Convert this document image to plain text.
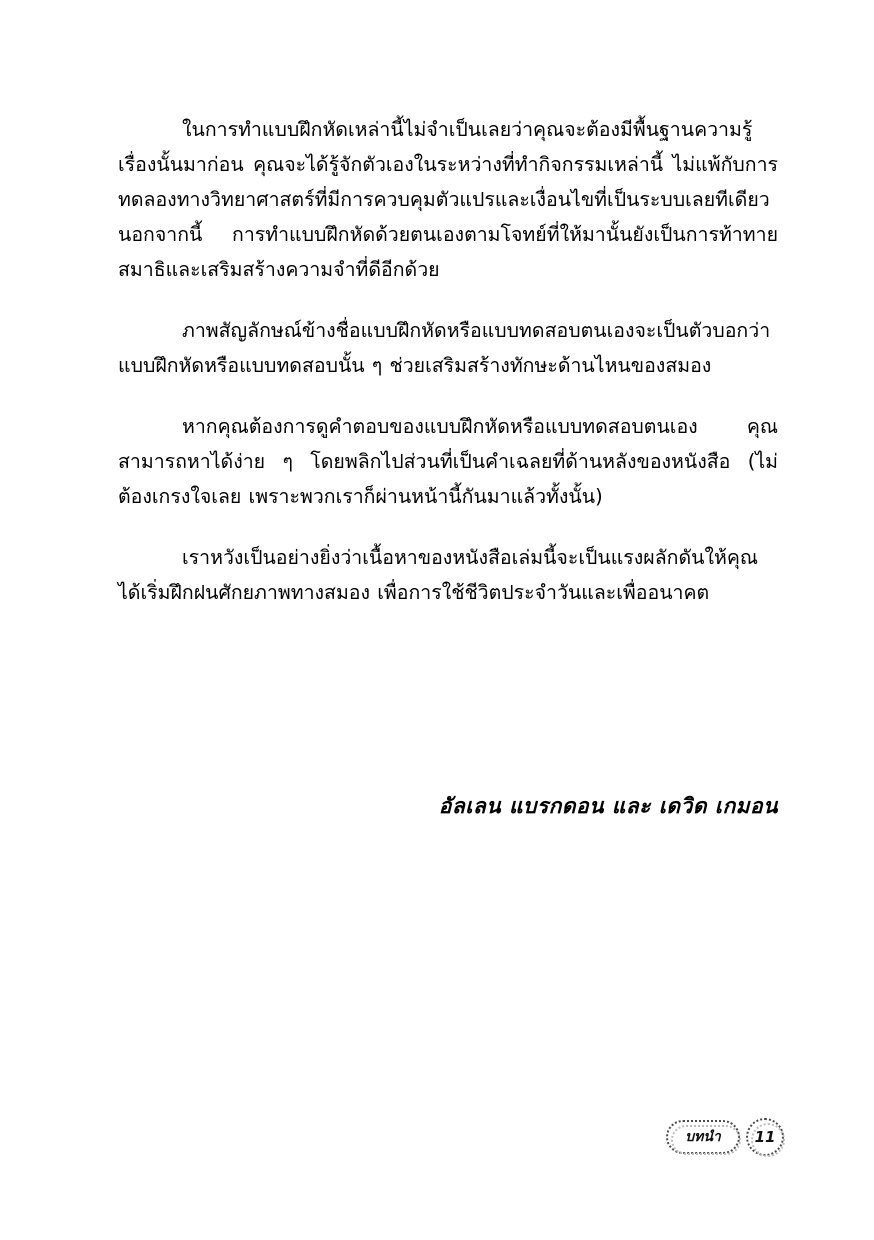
ในการทำแบบฝึกหัดเหล่านี้ไม่จำเป็นเลยว่าคุณจะต้องมีพื้นฐานความรู้เรื่องนั้นมาก่อน คุณจะได้รู้จักตัวเองในระหว่างที่ทำกิจกรรมเหล่านี้ ไม่แพ้กับการทดลองทางวิทยาศาสตร์ที่มีการควบคุมตัวแปรและเงื่อนไขที่เป็นระบบเลยทีเดียว นอกจากนี้ การทำแบบฝึกหัดด้วยตนเองตามโจทย์ที่ให้มานั้นยังเป็นการท้าทายสมาธิและเสริมสร้างความจำที่ดีอีกด้วย

ภาพสัญลักษณ์ข้างชื่อแบบฝึกหัดหรือแบบทดสอบตนเองจะเป็นตัวบอกว่าแบบฝึกหัดหรือแบบทดสอบนั้น ๆ ช่วยเสริมสร้างทักษะด้านไหนของสมอง

หากคุณต้องการดูคำตอบของแบบฝึกหัดหรือแบบทดสอบตนเอง คุณสามารถหาได้ง่าย ๆ โดยพลิกไปส่วนที่เป็นคำเฉลยที่ด้านหลังของหนังสือ (ไม่ต้องเกรงใจเลย เพราะพวกเราก็ผ่านหน้านี้กันมาแล้วทั้งนั้น)

เราหวังเป็นอย่างยิ่งว่าเนื้อหาของหนังสือเล่มนี้จะเป็นแรงผลักดันให้คุณได้เริ่มฝึกฝนศักยภาพทางสมอง เพื่อการใช้ชีวิตประจำวันและเพื่ออนาคต

อัลเลน แบรกดอน และ เดวิด เกมอน
บทนำ 11
